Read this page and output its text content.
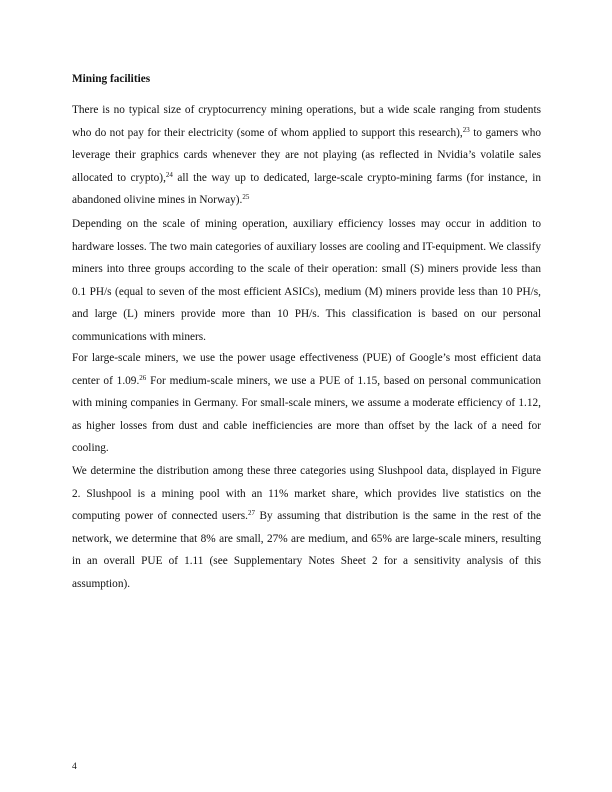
Mining facilities

There is no typical size of cryptocurrency mining operations, but a wide scale ranging from students who do not pay for their electricity (some of whom applied to support this research),$^{23}$ to gamers who leverage their graphics cards whenever they are not playing (as reflected in Nvidia’s volatile sales allocated to crypto),$^{24}$ all the way up to dedicated, large-scale crypto-mining farms (for instance, in abandoned olivine mines in Norway).$^{25}$

Depending on the scale of mining operation, auxiliary efficiency losses may occur in addition to hardware losses. The two main categories of auxiliary losses are cooling and IT-equipment. We classify miners into three groups according to the scale of their operation: small (S) miners provide less than 0.1 PH/s (equal to seven of the most efficient ASICs), medium (M) miners provide less than 10 PH/s, and large (L) miners provide more than 10 PH/s. This classification is based on our personal communications with miners.

For large-scale miners, we use the power usage effectiveness (PUE) of Google’s most efficient data center of 1.09.26 For medium-scale miners, we use a PUE of 1.15, based on personal communication with mining companies in Germany. For small-scale miners, we assume a moderate efficiency of 1.12, as higher losses from dust and cable inefficiencies are more than offset by the lack of a need for cooling.

We determine the distribution among these three categories using Slushpool data, displayed in Figure 2. Slushpool is a mining pool with an 11% market share, which provides live statistics on the computing power of connected users.$^{27}$ By assuming that distribution is the same in the rest of the network, we determine that 8% are small, 27% are medium, and 65% are large-scale miners, resulting in an overall PUE of 1.11 (see Supplementary Notes Sheet 2 for a sensitivity analysis of this assumption).

4
